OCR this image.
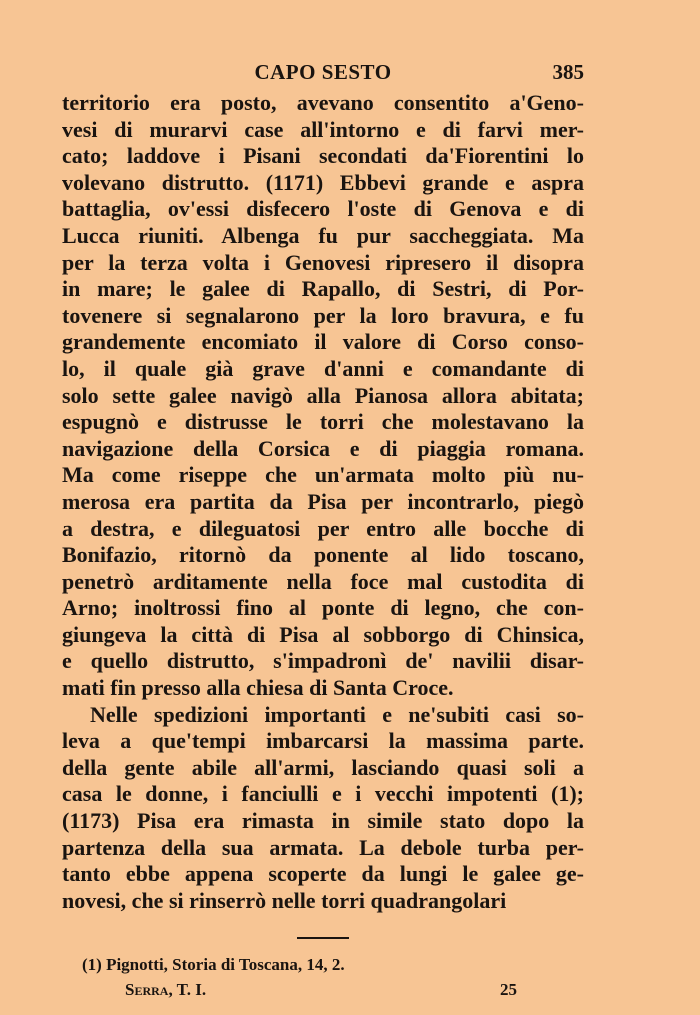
CAPO SESTO	385
territorio era posto, avevano consentito a'Geno-
vesi di murarvi case all'intorno e di farvi mer-
cato; laddove i Pisani secondati da'Fiorentini lo
volevano distrutto. (1171) Ebbevi grande e aspra
battaglia, ov'essi disfecero l'oste di Genova e di
Lucca riuniti. Albenga fu pur saccheggiata. Ma
per la terza volta i Genovesi ripresero il disopra
in mare; le galee di Rapallo, di Sestri, di Por-
tovenere si segnalarono per la loro bravura, e fu
grandemente encomiato il valore di Corso conso-
lo, il quale già grave d'anni e comandante di
solo sette galee navigò alla Pianosa allora abitata;
espugnò e distrusse le torri che molestavano la
navigazione della Corsica e di piaggia romana.
Ma come riseppe che un'armata molto più nu-
merosa era partita da Pisa per incontrarlo, piegò
a destra, e dileguatosi per entro alle bocche di
Bonifazio, ritornò da ponente al lido toscano,
penetrò arditamente nella foce mal custodita di
Arno; inoltrossi fino al ponte di legno, che con-
giungeva la città di Pisa al sobborgo di Chinsica,
e quello distrutto, s'impadronì de' navilii disar-
mati fin presso alla chiesa di Santa Croce.
Nelle spedizioni importanti e ne'subiti casi so-
leva a que'tempi imbarcarsi la massima parte.
della gente abile all'armi, lasciando quasi soli a
casa le donne, i fanciulli e i vecchi impotenti (1);
(1173) Pisa era rimasta in simile stato dopo la
partenza della sua armata. La debole turba per-
tanto ebbe appena scoperte da lungi le galee ge-
novesi, che si rinserrò nelle torri quadrangolari
(1) Pignotti, Storia di Toscana, 14, 2.
Serra, T. I.	25
